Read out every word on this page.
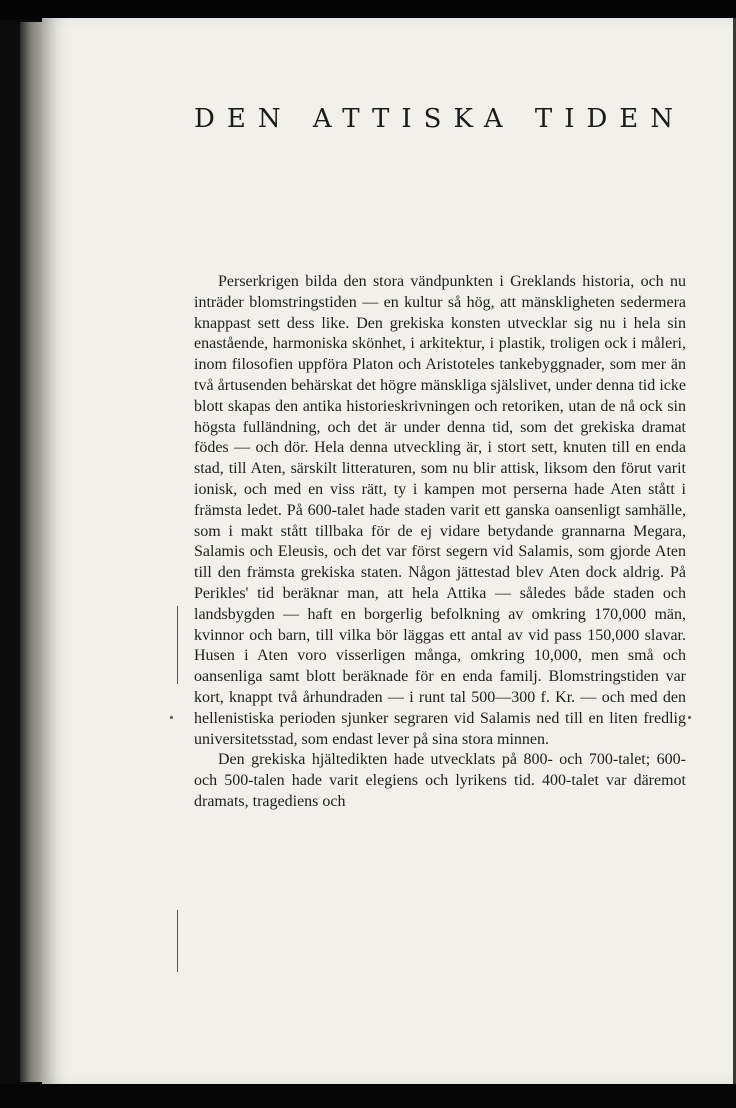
DEN ATTISKA TIDEN

Perserkrigen bilda den stora vändpunkten i Greklands historia, och nu inträder blomstringstiden — en kultur så hög, att mänskligheten sedermera knappast sett dess like. Den grekiska konsten utvecklar sig nu i hela sin enastående, harmoniska skönhet, i arkitektur, i plastik, troligen ock i måleri, inom filosofien uppföra Platon och Aristoteles tankebyggnader, som mer än två årtusenden behärskat det högre mänskliga själslivet, under denna tid icke blott skapas den antika historieskrivningen och retoriken, utan de nå ock sin högsta fulländning, och det är under denna tid, som det grekiska dramat födes — och dör. Hela denna utveckling är, i stort sett, knuten till en enda stad, till Aten, särskilt litteraturen, som nu blir attisk, liksom den förut varit ionisk, och med en viss rätt, ty i kampen mot perserna hade Aten stått i främsta ledet. På 600-talet hade staden varit ett ganska oansenligt samhälle, som i makt stått tillbaka för de ej vidare betydande grannarna Megara, Salamis och Eleusis, och det var först segern vid Salamis, som gjorde Aten till den främsta grekiska staten. Någon jättestad blev Aten dock aldrig. På Perikles' tid beräknar man, att hela Attika — således både staden och landsbygden — haft en borgerlig befolkning av omkring 170,000 män, kvinnor och barn, till vilka bör läggas ett antal av vid pass 150,000 slavar. Husen i Aten voro visserligen många, omkring 10,000, men små och oansenliga samt blott beräknade för en enda familj. Blomstringstiden var kort, knappt två århundraden — i runt tal 500—300 f. Kr. — och med den hellenistiska perioden sjunker segraren vid Salamis ned till en liten fredlig universitetsstad, som endast lever på sina stora minnen.

Den grekiska hjältedikten hade utvecklats på 800- och 700-talet; 600- och 500-talen hade varit elegiens och lyrikens tid. 400-talet var däremot dramats, tragediens och
